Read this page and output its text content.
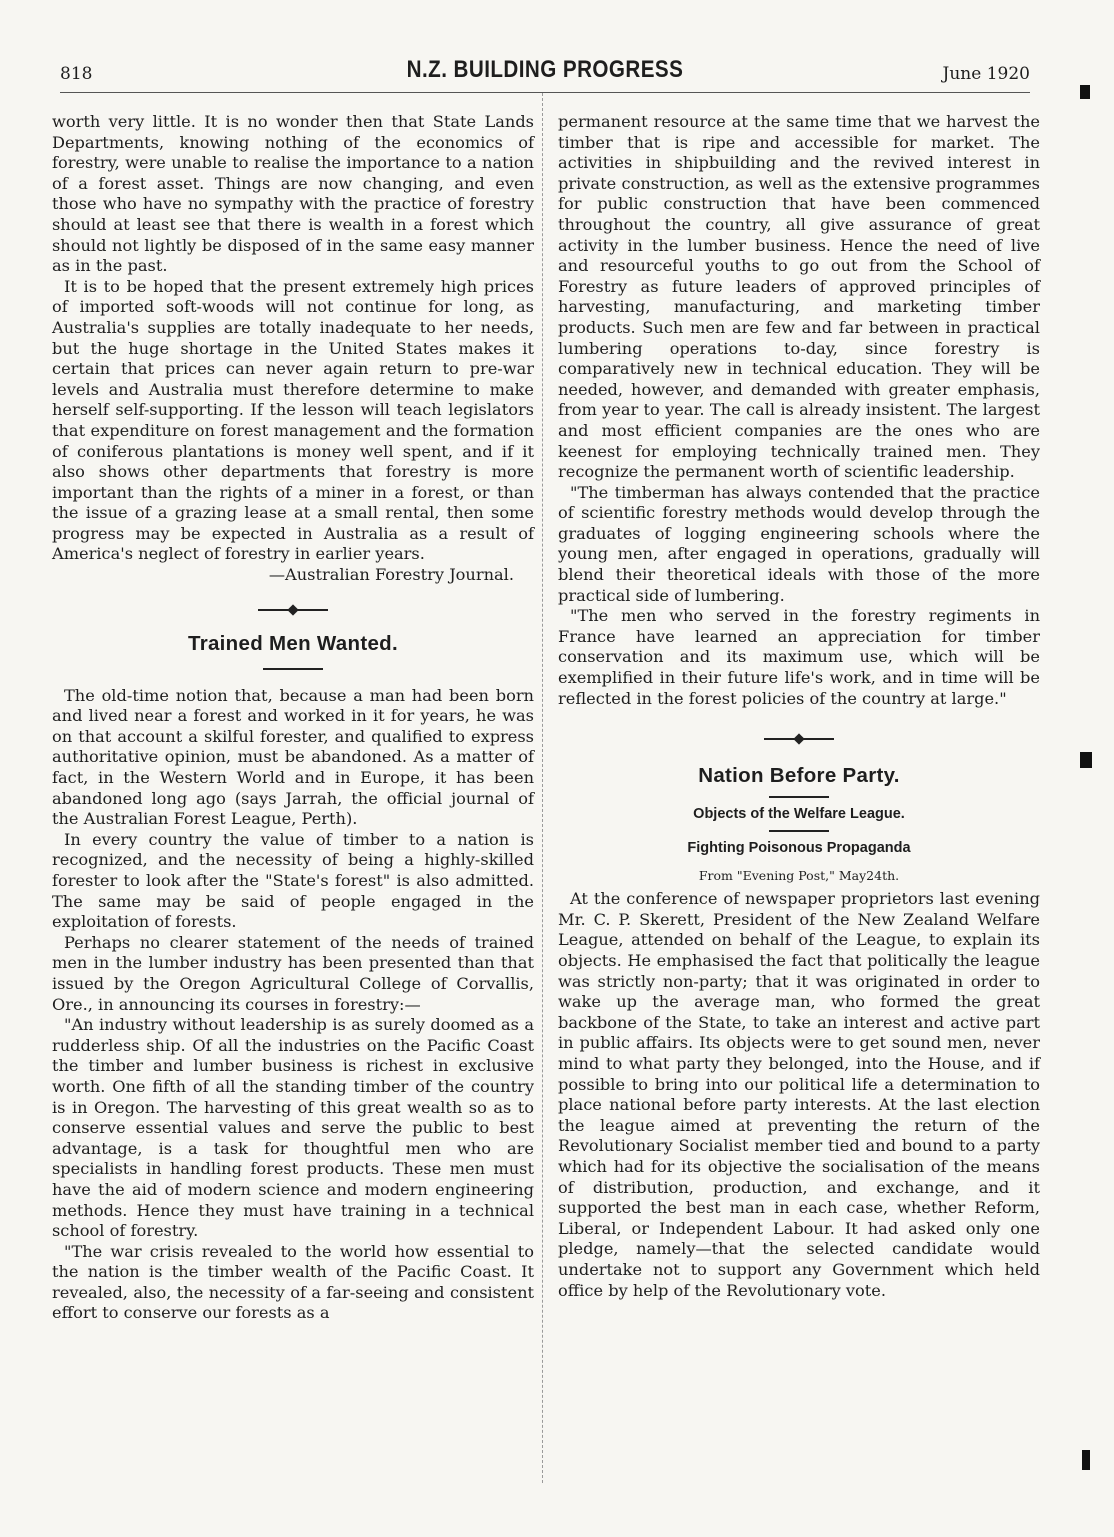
818	N.Z. BUILDING PROGRESS	June 1920

worth very little. It is no wonder then that State Lands Departments, knowing nothing of the economics of forestry, were unable to realise the importance to a nation of a forest asset. Things are now changing, and even those who have no sympathy with the practice of forestry should at least see that there is wealth in a forest which should not lightly be disposed of in the same easy manner as in the past.

It is to be hoped that the present extremely high prices of imported soft-woods will not continue for long, as Australia's supplies are totally inadequate to her needs, but the huge shortage in the United States makes it certain that prices can never again return to pre-war levels and Australia must therefore determine to make herself self-supporting. If the lesson will teach legislators that expenditure on forest management and the formation of coniferous plantations is money well spent, and if it also shows other departments that forestry is more important than the rights of a miner in a forest, or than the issue of a grazing lease at a small rental, then some progress may be expected in Australia as a result of America's neglect of forestry in earlier years.

—Australian Forestry Journal.

Trained Men Wanted.

The old-time notion that, because a man had been born and lived near a forest and worked in it for years, he was on that account a skilful forester, and qualified to express authoritative opinion, must be abandoned. As a matter of fact, in the Western World and in Europe, it has been abandoned long ago (says Jarrah, the official journal of the Australian Forest League, Perth).

In every country the value of timber to a nation is recognized, and the necessity of being a highly-skilled forester to look after the "State's forest" is also admitted. The same may be said of people engaged in the exploitation of forests.

Perhaps no clearer statement of the needs of trained men in the lumber industry has been presented than that issued by the Oregon Agricultural College of Corvallis, Ore., in announcing its courses in forestry:—

"An industry without leadership is as surely doomed as a rudderless ship. Of all the industries on the Pacific Coast the timber and lumber business is richest in exclusive worth. One fifth of all the standing timber of the country is in Oregon. The harvesting of this great wealth so as to conserve essential values and serve the public to best advantage, is a task for thoughtful men who are specialists in handling forest products. These men must have the aid of modern science and modern engineering methods. Hence they must have training in a technical school of forestry.

"The war crisis revealed to the world how essential to the nation is the timber wealth of the Pacific Coast. It revealed, also, the necessity of a far-seeing and consistent effort to conserve our forests as a

permanent resource at the same time that we harvest the timber that is ripe and accessible for market. The activities in shipbuilding and the revived interest in private construction, as well as the extensive programmes for public construction that have been commenced throughout the country, all give assurance of great activity in the lumber business. Hence the need of live and resourceful youths to go out from the School of Forestry as future leaders of approved principles of harvesting, manufacturing, and marketing timber products. Such men are few and far between in practical lumbering operations to-day, since forestry is comparatively new in technical education. They will be needed, however, and demanded with greater emphasis, from year to year. The call is already insistent. The largest and most efficient companies are the ones who are keenest for employing technically trained men. They recognize the permanent worth of scientific leadership.

"The timberman has always contended that the practice of scientific forestry methods would develop through the graduates of logging engineering schools where the young men, after engaged in operations, gradually will blend their theoretical ideals with those of the more practical side of lumbering.

"The men who served in the forestry regiments in France have learned an appreciation for timber conservation and its maximum use, which will be exemplified in their future life's work, and in time will be reflected in the forest policies of the country at large."

Nation Before Party.
Objects of the Welfare League.
Fighting Poisonous Propaganda
From "Evening Post," May24th.

At the conference of newspaper proprietors last evening Mr. C. P. Skerett, President of the New Zealand Welfare League, attended on behalf of the League, to explain its objects. He emphasised the fact that politically the league was strictly non-party; that it was originated in order to wake up the average man, who formed the great backbone of the State, to take an interest and active part in public affairs. Its objects were to get sound men, never mind to what party they belonged, into the House, and if possible to bring into our political life a determination to place national before party interests. At the last election the league aimed at preventing the return of the Revolutionary Socialist member tied and bound to a party which had for its objective the socialisation of the means of distribution, production, and exchange, and it supported the best man in each case, whether Reform, Liberal, or Independent Labour. It had asked only one pledge, namely—that the selected candidate would undertake not to support any Government which held office by help of the Revolutionary vote.
